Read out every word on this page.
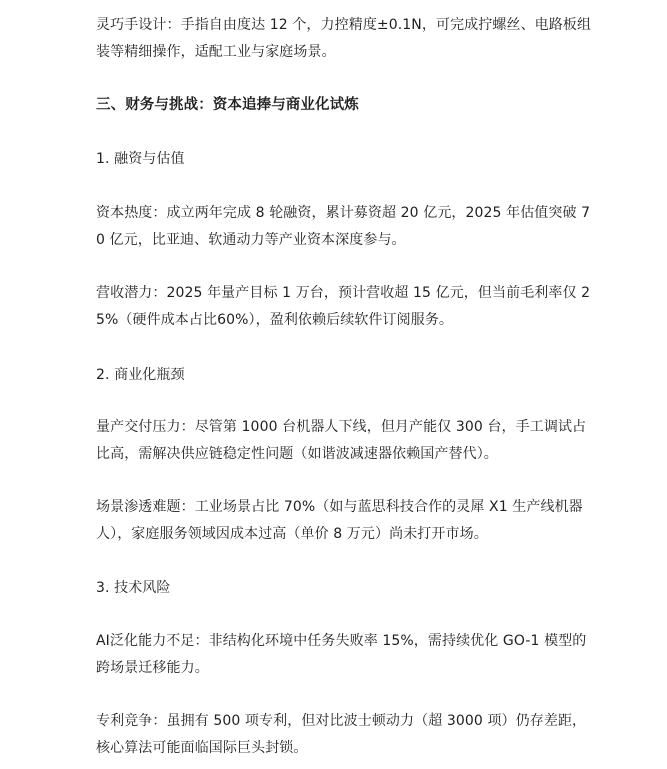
灵巧手设计：手指自由度达 12 个，力控精度±0.1N，可完成拧螺丝、电路板组装等精细操作，适配工业与家庭场景。

三、财务与挑战：资本追捧与商业化试炼

1. 融资与估值

资本热度：成立两年完成 8 轮融资，累计募资超 20 亿元，2025 年估值突破 70 亿元，比亚迪、软通动力等产业资本深度参与。

营收潜力：2025 年量产目标 1 万台，预计营收超 15 亿元，但当前毛利率仅 25%（硬件成本占比60%），盈利依赖后续软件订阅服务。

2. 商业化瓶颈

量产交付压力：尽管第 1000 台机器人下线，但月产能仅 300 台，手工调试占比高，需解决供应链稳定性问题（如谐波减速器依赖国产替代）。

场景渗透难题：工业场景占比 70%（如与蓝思科技合作的灵犀 X1 生产线机器人），家庭服务领域因成本过高（单价 8 万元）尚未打开市场。

3. 技术风险

AI泛化能力不足：非结构化环境中任务失败率 15%，需持续优化 GO-1 模型的跨场景迁移能力。

专利竞争：虽拥有 500 项专利，但对比波士顿动力（超 3000 项）仍存差距，核心算法可能面临国际巨头封锁。
